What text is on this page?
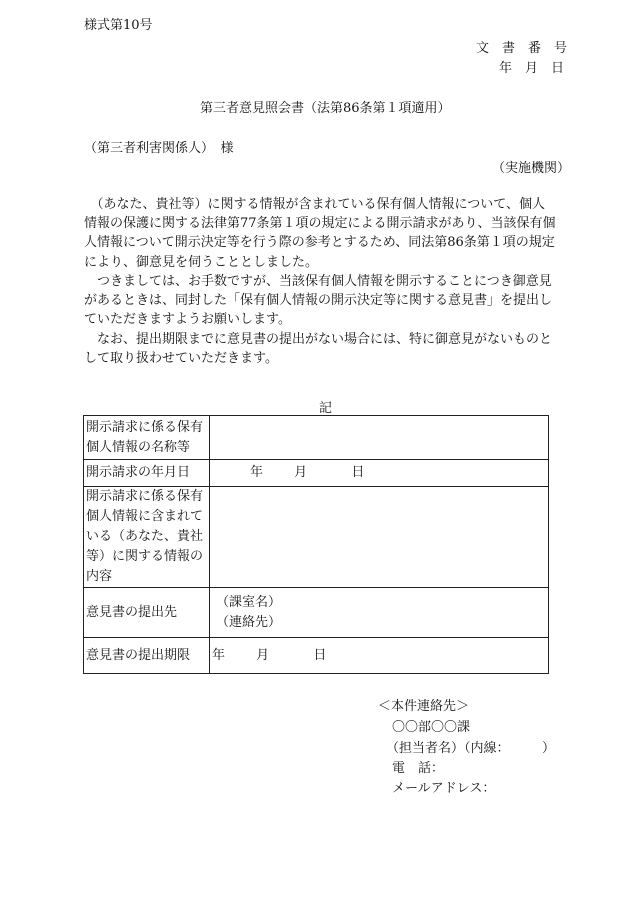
様式第10号
文　書　番　号
年　月　日
第三者意見照会書（法第86条第１項適用）
（第三者利害関係人）　様
（実施機関）
　（あなた、貴社等）に関する情報が含まれている保有個人情報について、個人
情報の保護に関する法律第77条第１項の規定による開示請求があり、当該保有個
人情報について開示決定等を行う際の参考とするため、同法第86条第１項の規定
により、御意見を伺うこととしました。
　つきましては、お手数ですが、当該保有個人情報を開示することにつき御意見
があるときは、同封した「保有個人情報の開示決定等に関する意見書」を提出し
ていただきますようお願いします。
　なお、提出期限までに意見書の提出がない場合には、特に御意見がないものと
して取り扱わせていただきます。
記
開示請求に係る保有個人情報の名称等	
開示請求の年月日	年 月 日
開示請求に係る保有個人情報に含まれている（あなた、貴社等）に関する情報の内容	
意見書の提出先	（課室名）
（連絡先）

意見書の提出期限	年 月 日
＜本件連絡先＞
〇〇部〇〇課
（担当者名）（内線：　　　）
電　話：
メールアドレス：
